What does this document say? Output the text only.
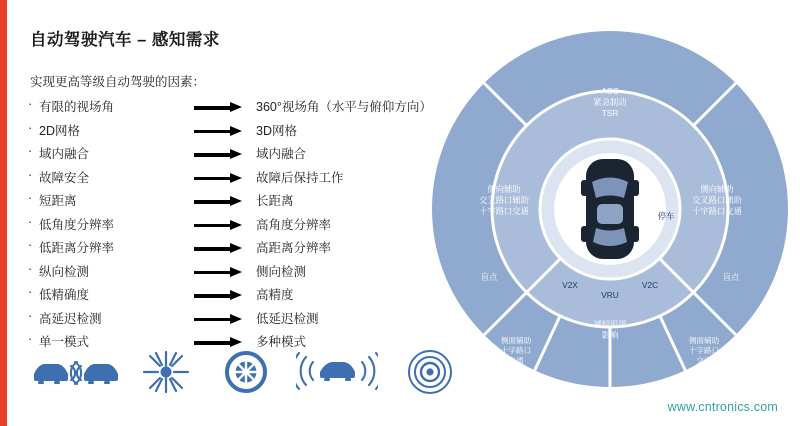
自动驾驶汽车 – 感知需求
实现更高等级自动驾驶的因素：
· 有限的视场角	360°视场角（水平与俯仰方向）
· 2D网格	3D网格
· 域内融合	域内融合
· 故障安全	故障后保持工作
· 短距离	长距离
· 低角度分辨率	高角度分辨率
· 低距离分辨率	高距离分辨率
· 纵向检测	侧向检测
· 低精确度	高精度
· 高延迟检测	低延迟检测
· 单一模式	多种模式
ACC
紧急制动
TSR
侧向辅助
交叉路口辅助
十字路口交通
侧向辅助
交叉路口辅助
十字路口交通
盲点	盲点
减轻追尾
影响
侧面辅助
十字路口
交通
侧面辅助
十字路口
交通
停车
V2X
VRU
V2C
www.cntronics.com
